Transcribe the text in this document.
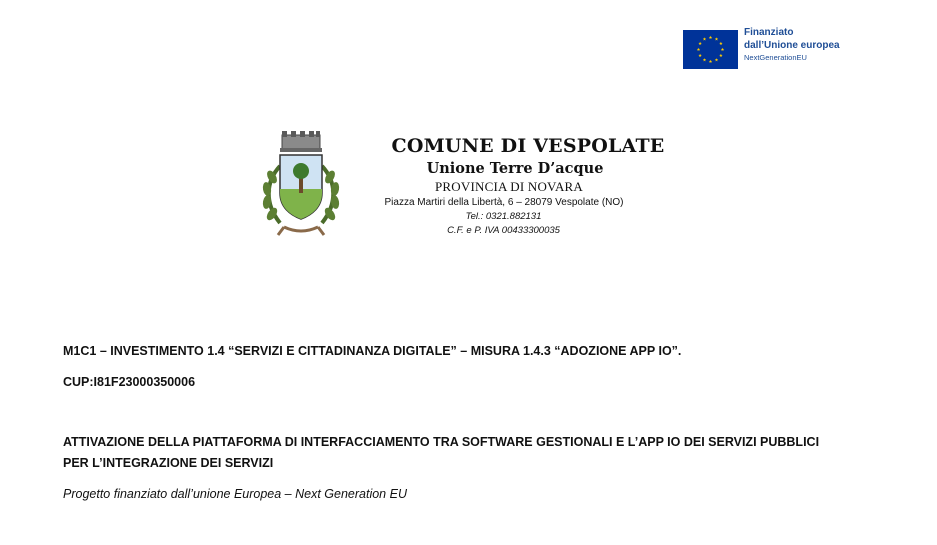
Finanziato
dall’Unione europea
NextGenerationEU
COMUNE DI VESPOLATE
Unione Terre D’acque
PROVINCIA DI NOVARA
Piazza Martiri della Libertà, 6 – 28079 Vespolate (NO)
Tel.: 0321.882131
C.F. e P. IVA 00433300035
M1C1 – INVESTIMENTO 1.4 “SERVIZI E CITTADINANZA DIGITALE” – MISURA 1.4.3 “ADOZIONE APP IO”.
CUP:I81F23000350006
ATTIVAZIONE DELLA PIATTAFORMA DI INTERFACCIAMENTO TRA SOFTWARE GESTIONALI E L’APP IO DEI SERVIZI PUBBLICI
PER L’INTEGRAZIONE DEI SERVIZI
Progetto finanziato dall’unione Europea – Next Generation EU
